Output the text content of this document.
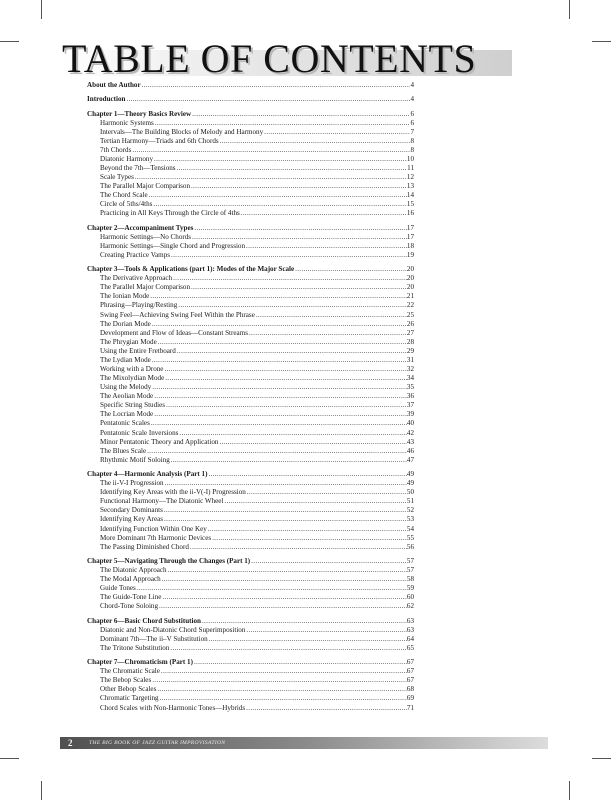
TABLE OF CONTENTS
About the Author .....	4
Introduction .....	4
Chapter 1—Theory Basics Review .....	6
Harmonic Systems .....	6
Intervals—The Building Blocks of Melody and Harmony .....	7
Tertian Harmony—Triads and 6th Chords .....	8
7th Chords .....	8
Diatonic Harmony .....	10
Beyond the 7th—Tensions .....	11
Scale Types .....	12
The Parallel Major Comparison .....	13
The Chord Scale .....	14
Circle of 5ths/4ths .....	15
Practicing in All Keys Through the Circle of 4ths .....	16
Chapter 2—Accompaniment Types .....	17
Harmonic Settings—No Chords .....	17
Harmonic Settings—Single Chord and Progression .....	18
Creating Practice Vamps .....	19
Chapter 3—Tools & Applications (part 1): Modes of the Major Scale .....	20
The Derivative Approach .....	20
The Parallel Major Comparison .....	20
The Ionian Mode .....	21
Phrasing—Playing/Resting .....	22
Swing Feel—Achieving Swing Feel Within the Phrase .....	25
The Dorian Mode .....	26
Development and Flow of Ideas—Constant Streams .....	27
The Phrygian Mode .....	28
Using the Entire Fretboard .....	29
The Lydian Mode .....	31
Working with a Drone .....	32
The Mixolydian Mode .....	34
Using the Melody .....	35
The Aeolian Mode .....	36
Specific String Studies .....	37
The Locrian Mode .....	39
Pentatonic Scales .....	40
Pentatonic Scale Inversions .....	42
Minor Pentatonic Theory and Application .....	43
The Blues Scale .....	46
Rhythmic Motif Soloing .....	47
Chapter 4—Harmonic Analysis (Part 1) .....	49
The ii-V-I Progression .....	49
Identifying Key Areas with the ii-V(-I) Progression .....	50
Functional Harmony—The Diatonic Wheel .....	51
Secondary Dominants .....	52
Identifying Key Areas .....	53
Identifying Function Within One Key .....	54
More Dominant 7th Harmonic Devices .....	55
The Passing Diminished Chord .....	56
Chapter 5—Navigating Through the Changes (Part 1) .....	57
The Diatonic Approach .....	57
The Modal Approach .....	58
Guide Tones .....	59
The Guide-Tone Line .....	60
Chord-Tone Soloing .....	62
Chapter 6—Basic Chord Substitution .....	63
Diatonic and Non-Diatonic Chord Superimposition .....	63
Dominant 7th—The ii–V Substitution .....	64
The Tritone Substitution .....	65
Chapter 7—Chromaticism (Part 1) .....	67
The Chromatic Scale .....	67
The Bebop Scales .....	67
Other Bebop Scales .....	68
Chromatic Targeting .....	69
Chord Scales with Non-Harmonic Tones—Hybrids .....	71
2	THE BIG BOOK OF JAZZ GUITAR IMPROVISATION
